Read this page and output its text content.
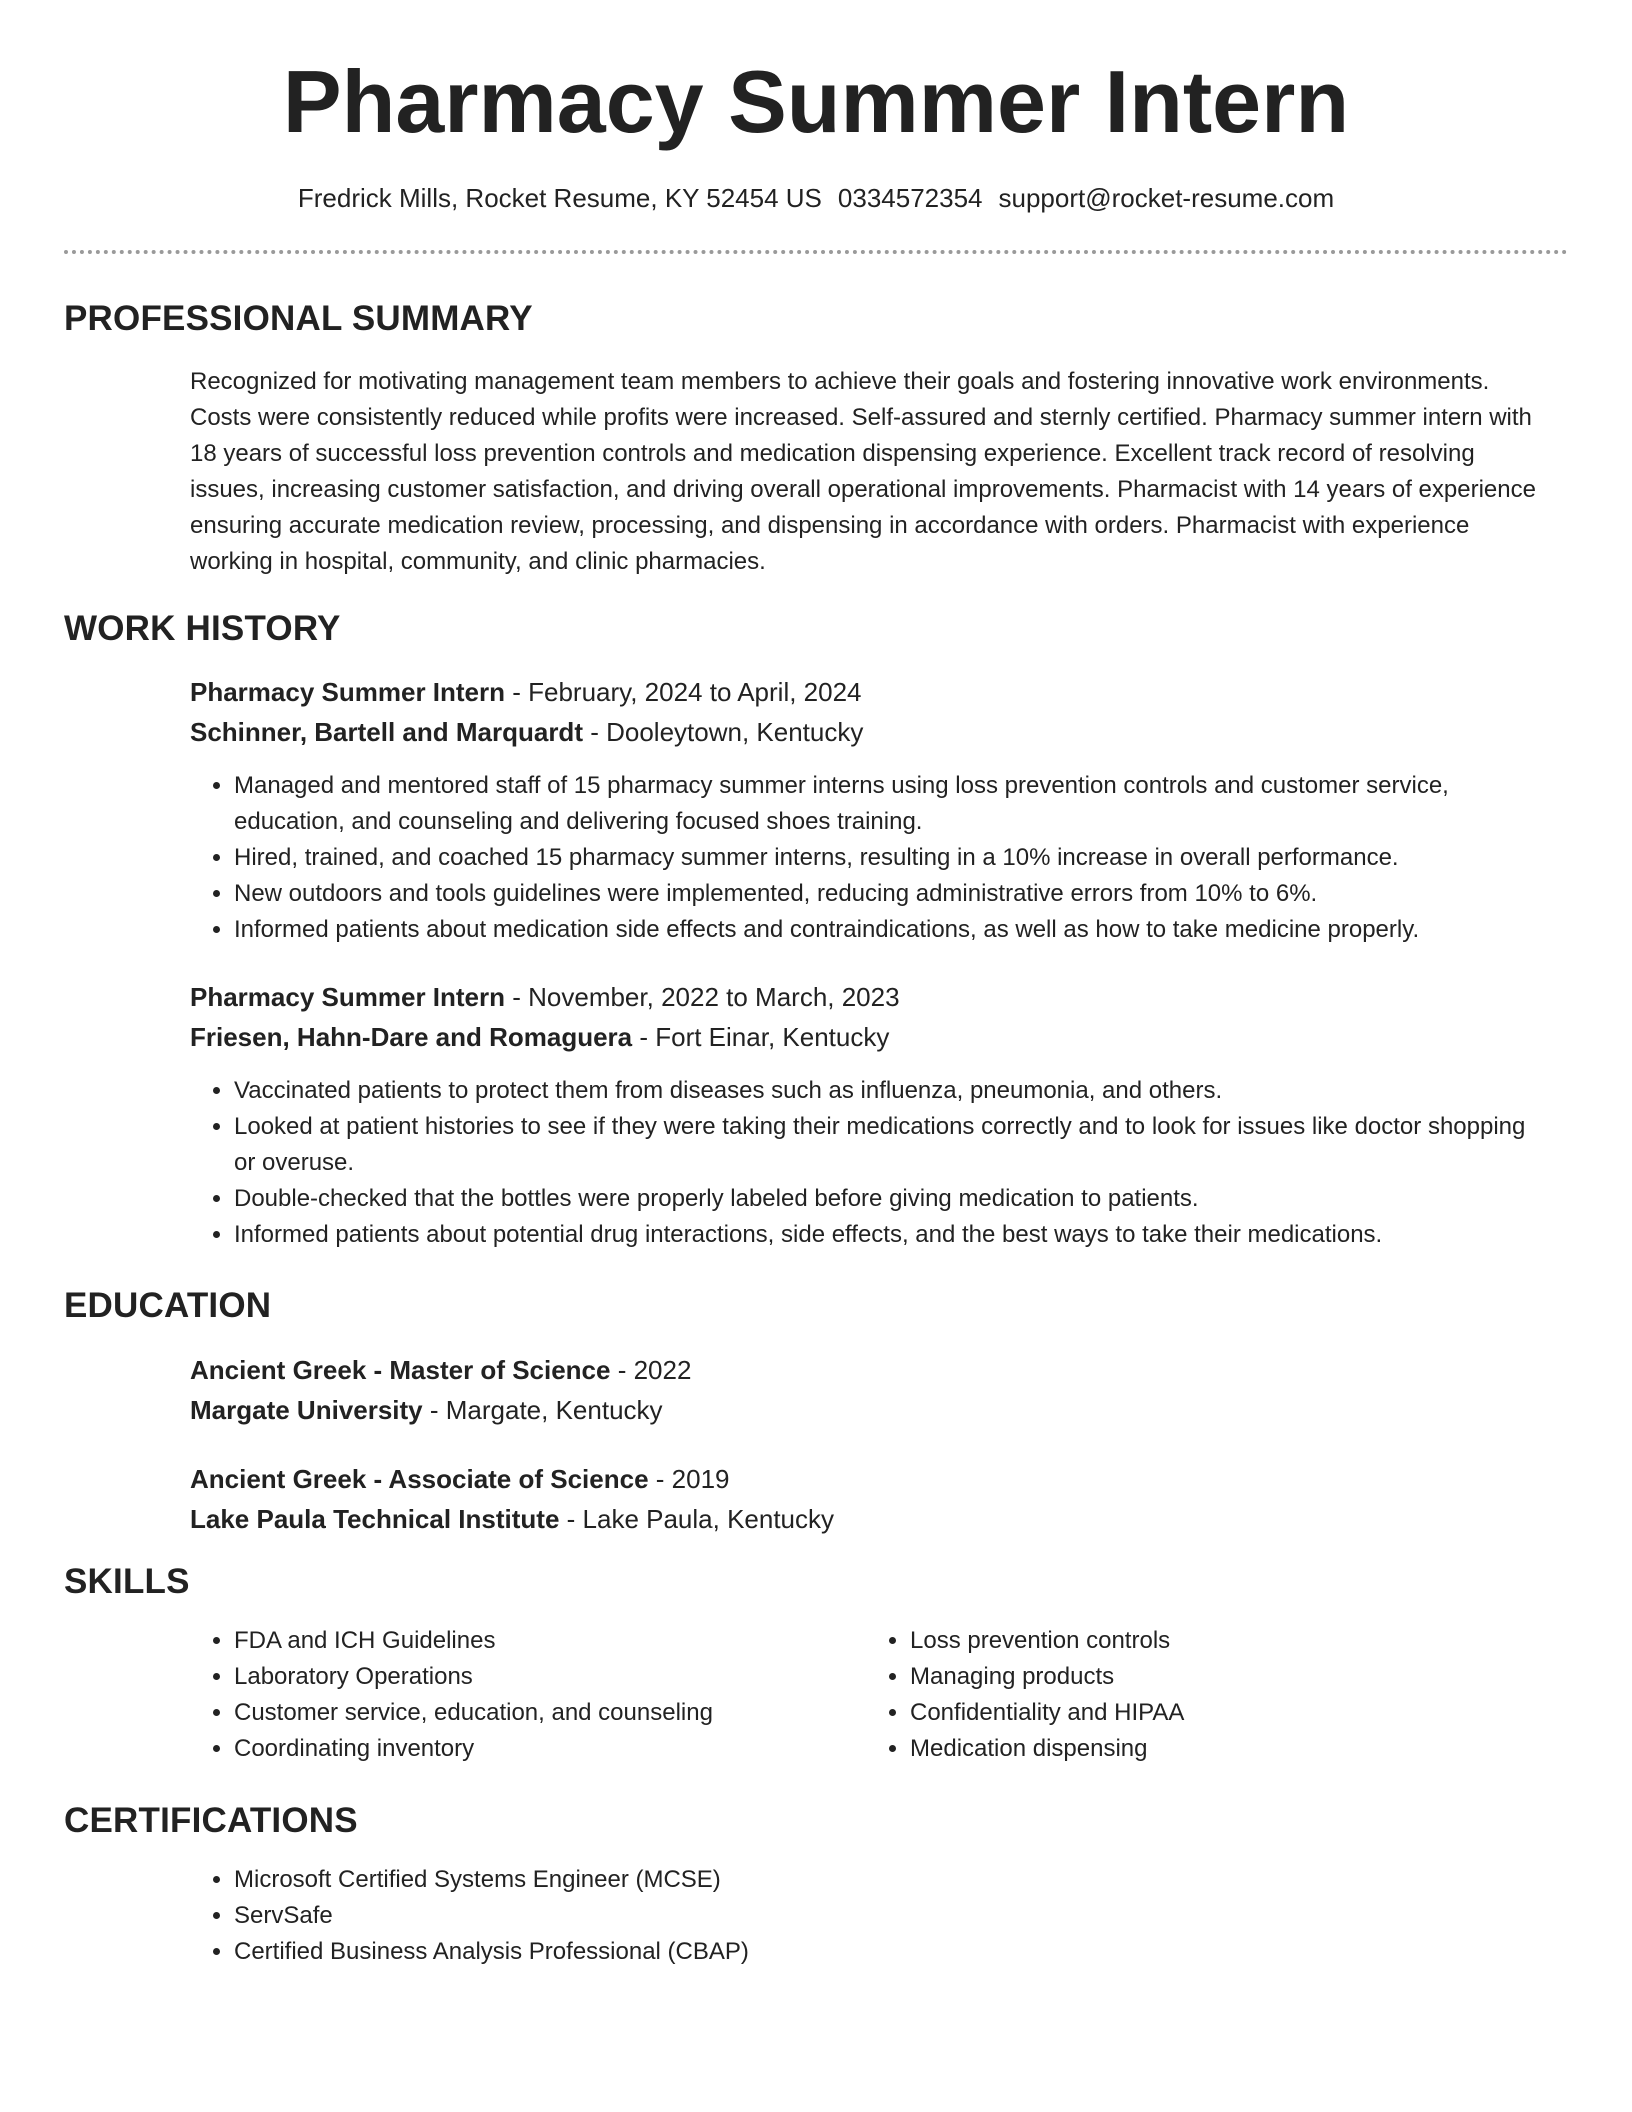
Pharmacy Summer Intern
Fredrick Mills, Rocket Resume, KY 52454 US 0334572354 support@rocket-resume.com
PROFESSIONAL SUMMARY

Recognized for motivating management team members to achieve their goals and fostering innovative work environments. Costs were consistently reduced while profits were increased. Self-assured and sternly certified. Pharmacy summer intern with 18 years of successful loss prevention controls and medication dispensing experience. Excellent track record of resolving issues, increasing customer satisfaction, and driving overall operational improvements. Pharmacist with 14 years of experience ensuring accurate medication review, processing, and dispensing in accordance with orders. Pharmacist with experience working in hospital, community, and clinic pharmacies.

WORK HISTORY
Pharmacy Summer Intern - February, 2024 to April, 2024
Schinner, Bartell and Marquardt - Dooleytown, Kentucky
• Managed and mentored staff of 15 pharmacy summer interns using loss prevention controls and customer service, education, and counseling and delivering focused shoes training.
• Hired, trained, and coached 15 pharmacy summer interns, resulting in a 10% increase in overall performance.
• New outdoors and tools guidelines were implemented, reducing administrative errors from 10% to 6%.
• Informed patients about medication side effects and contraindications, as well as how to take medicine properly.
Pharmacy Summer Intern - November, 2022 to March, 2023
Friesen, Hahn-Dare and Romaguera - Fort Einar, Kentucky
• Vaccinated patients to protect them from diseases such as influenza, pneumonia, and others.
• Looked at patient histories to see if they were taking their medications correctly and to look for issues like doctor shopping or overuse.
• Double-checked that the bottles were properly labeled before giving medication to patients.
• Informed patients about potential drug interactions, side effects, and the best ways to take their medications.
EDUCATION
Ancient Greek - Master of Science - 2022
Margate University - Margate, Kentucky
Ancient Greek - Associate of Science - 2019
Lake Paula Technical Institute - Lake Paula, Kentucky
SKILLS
• FDA and ICH Guidelines
• Laboratory Operations
• Customer service, education, and counseling
• Coordinating inventory
• Loss prevention controls
• Managing products
• Confidentiality and HIPAA
• Medication dispensing
CERTIFICATIONS
• Microsoft Certified Systems Engineer (MCSE)
• ServSafe
• Certified Business Analysis Professional (CBAP)
